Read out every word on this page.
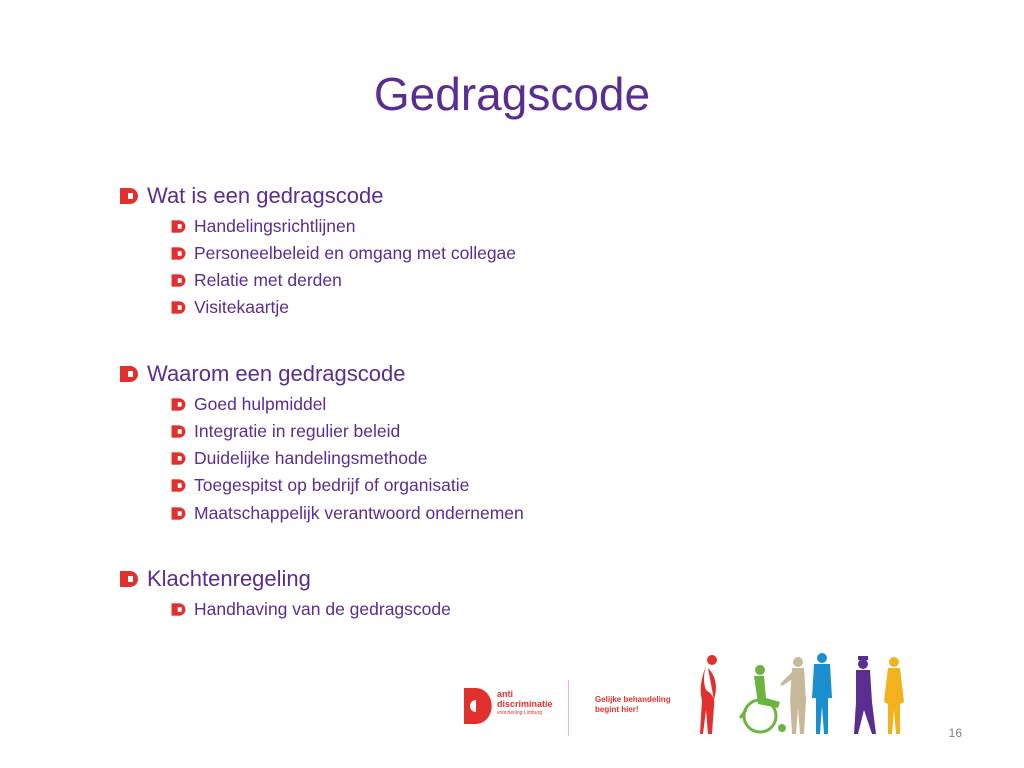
Gedragscode
Wat is een gedragscode
Handelingsrichtlijnen
Personeelbeleid en omgang met collegae
Relatie met derden
Visitekaartje
Waarom een gedragscode
Goed hulpmiddel
Integratie in regulier beleid
Duidelijke handelingsmethode
Toegespitst op bedrijf of organisatie
Maatschappelijk verantwoord ondernemen
Klachtenregeling
Handhaving van de gedragscode
anti
discriminatie
voorziening Limburg
Gelijke behandeling
begint hier!
16
